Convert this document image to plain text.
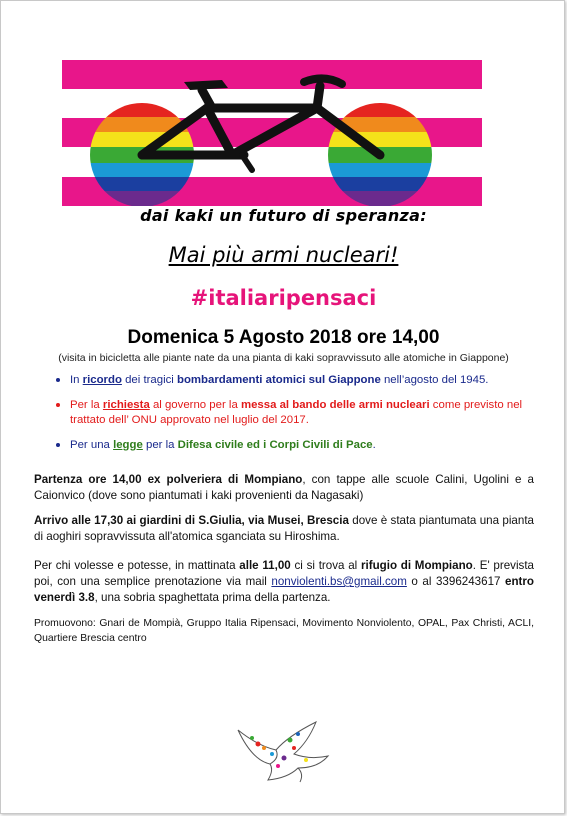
dai kaki un futuro di speranza:
Mai più armi nucleari!
#italiaripensaci
Domenica 5 Agosto 2018 ore 14,00
(visita in bicicletta alle piante nate da una pianta di kaki sopravvissuto alle atomiche in Giappone)
• In ricordo dei tragici bombardamenti atomici sul Giappone nell’agosto del 1945.
• Per la richiesta al governo per la messa al bando delle armi nucleari come previsto nel trattato dell’ ONU approvato nel luglio del 2017.
• Per una legge per la Difesa civile ed i Corpi Civili di Pace.
Partenza ore 14,00 ex polveriera di Mompiano, con tappe alle scuole Calini, Ugolini e a Caionvico (dove sono piantumati i kaki provenienti da Nagasaki)
Arrivo alle 17,30 ai giardini di S.Giulia, via Musei, Brescia dove è stata piantumata una pianta di aoghiri sopravvissuta all'atomica sganciata su Hiroshima.
Per chi volesse e potesse, in mattinata alle 11,00 ci si trova al rifugio di Mompiano. E' prevista poi, con una semplice prenotazione via mail nonviolenti.bs@gmail.com o al 3396243617 entro venerdì 3.8, una sobria spaghettata prima della partenza.
Promuovono: Gnari de Mompià, Gruppo Italia Ripensaci, Movimento Nonviolento, OPAL, Pax Christi, ACLI, Quartiere Brescia centro
